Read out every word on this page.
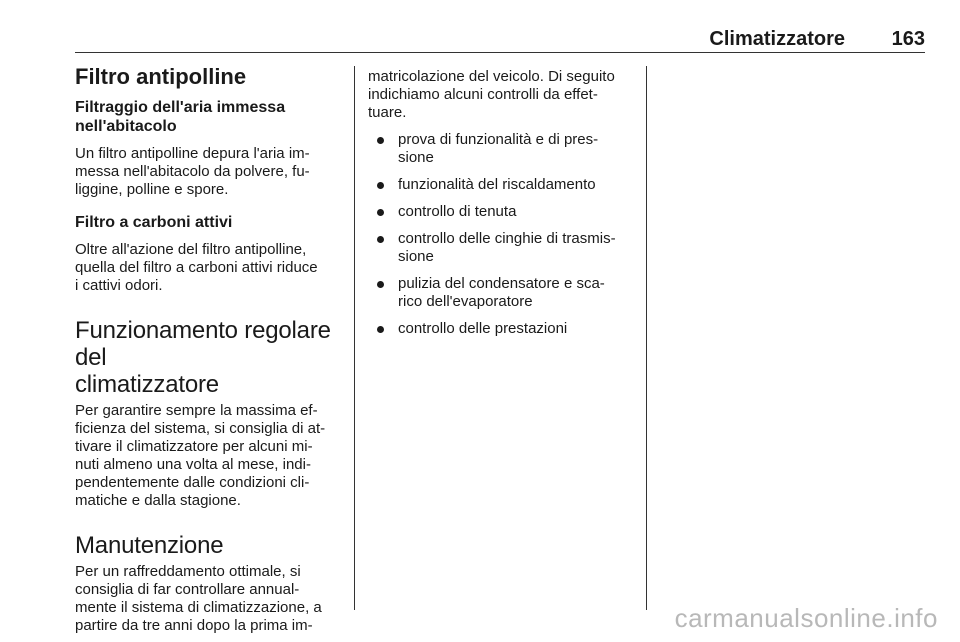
Climatizzatore 163
Filtro antipolline
Filtraggio dell'aria immessa
nell'abitacolo
Un filtro antipolline depura l'aria im-
messa nell'abitacolo da polvere, fu-
liggine, polline e spore.
Filtro a carboni attivi
Oltre all'azione del filtro antipolline,
quella del filtro a carboni attivi riduce
i cattivi odori.
Funzionamento regolare del
climatizzatore
Per garantire sempre la massima ef-
ficienza del sistema, si consiglia di at-
tivare il climatizzatore per alcuni mi-
nuti almeno una volta al mese, indi-
pendentemente dalle condizioni cli-
matiche e dalla stagione.
Manutenzione
Per un raffreddamento ottimale, si
consiglia di far controllare annual-
mente il sistema di climatizzazione, a
partire da tre anni dopo la prima im-
matricolazione del veicolo. Di seguito
indichiamo alcuni controlli da effet-
tuare.
prova di funzionalità e di pres-
sione
funzionalità del riscaldamento
controllo di tenuta
controllo delle cinghie di trasmis-
sione
pulizia del condensatore e sca-
rico dell'evaporatore
controllo delle prestazioni
carmanualsonline.info
